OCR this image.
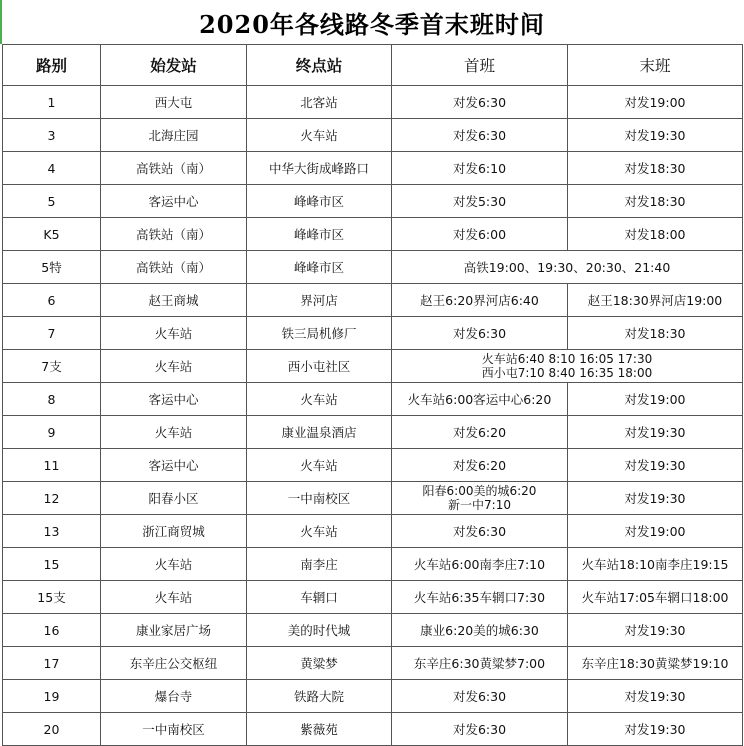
2020年各线路冬季首末班时间
路别	始发站	终点站	首班	末班
1	西大屯	北客站	对发6:30	对发19:00
3	北海庄园	火车站	对发6:30	对发19:30
4	高铁站（南）	中华大街成峰路口	对发6:10	对发18:30
5	客运中心	峰峰市区	对发5:30	对发18:30
K5	高铁站（南）	峰峰市区	对发6:00	对发18:00
5特	高铁站（南）	峰峰市区	高铁19:00、19:30、20:30、21:40	
6	赵王商城	界河店	赵王6:20界河店6:40	赵王18:30界河店19:00
7	火车站	铁三局机修厂	对发6:30	对发18:30
7支	火车站	西小屯社区	火车站6:40 8:10 16:05 17:30
西小屯7:10 8:40 16:35 18:00	

8	客运中心	火车站	火车站6:00客运中心6:20	对发19:00
9	火车站	康业温泉酒店	对发6:20	对发19:30
11	客运中心	火车站	对发6:20	对发19:30
12	阳春小区	一中南校区	阳春6:00美的城6:20
新一中7:10	对发19:30
13	浙江商贸城	火车站	对发6:30	对发19:00
15	火车站	南李庄	火车站6:00南李庄7:10	火车站18:10南李庄19:15
15支	火车站	车辋口	火车站6:35车辋口7:30	火车站17:05车辋口18:00
16	康业家居广场	美的时代城	康业6:20美的城6:30	对发19:30
17	东辛庄公交枢纽	黄粱梦	东辛庄6:30黄粱梦7:00	东辛庄18:30黄粱梦19:10
19	爆台寺	铁路大院	对发6:30	对发19:30
20	一中南校区	紫薇苑	对发6:30	对发19:30
